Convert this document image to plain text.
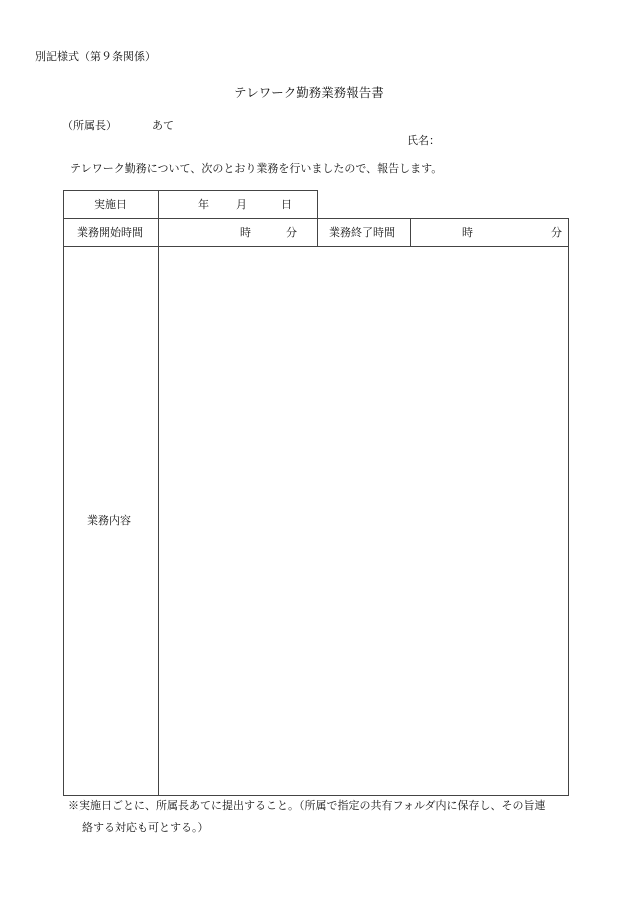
別記様式（第９条関係）
テレワーク勤務業務報告書
（所属長）	あて
氏名：
テレワーク勤務について、次のとおり業務を行いましたので、報告します。
実施日	年 月	日
業務開始時間	時	分	業務終了時間	時	分
業務内容
※実施日ごとに、所属長あてに提出すること。（所属で指定の共有フォルダ内に保存し、その旨連
絡する対応も可とする。）
